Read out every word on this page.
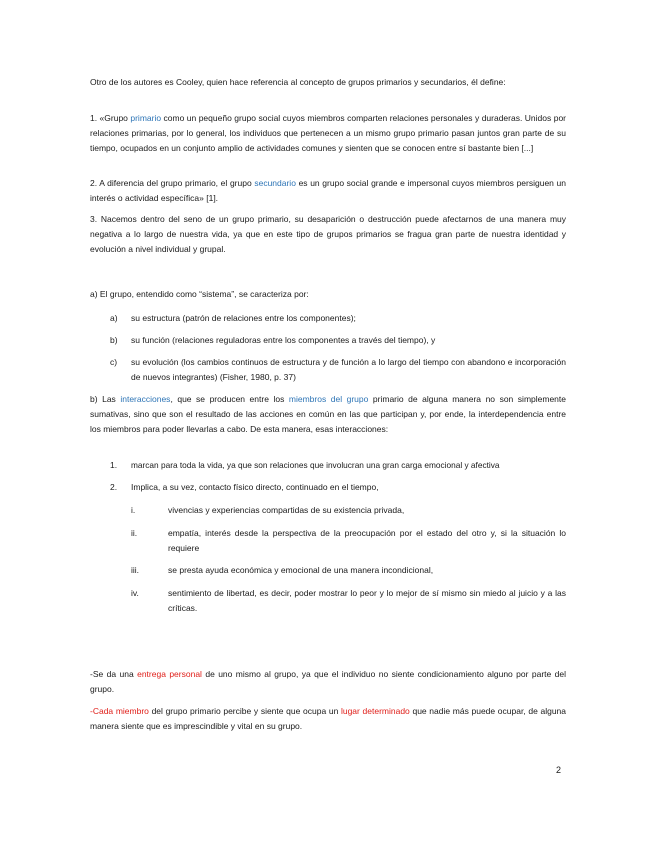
Otro de los autores es Cooley, quien hace referencia al concepto de grupos primarios y secundarios, él define:
1. «Grupo primario como un pequeño grupo social cuyos miembros comparten relaciones personales y duraderas. Unidos por relaciones primarias, por lo general, los individuos que pertenecen a un mismo grupo primario pasan juntos gran parte de su tiempo, ocupados en un conjunto amplio de actividades comunes y sienten que se conocen entre sí bastante bien [...]
2. A diferencia del grupo primario, el grupo secundario es un grupo social grande e impersonal cuyos miembros persiguen un interés o actividad específica» [1].
3. Nacemos dentro del seno de un grupo primario, su desaparición o destrucción puede afectarnos de una manera muy negativa a lo largo de nuestra vida, ya que en este tipo de grupos primarios se fragua gran parte de nuestra identidad y evolución a nivel individual y grupal.
a) El grupo, entendido como “sistema”, se caracteriza por:
a) su estructura (patrón de relaciones entre los componentes);
b) su función (relaciones reguladoras entre los componentes a través del tiempo), y
c) su evolución (los cambios continuos de estructura y de función a lo largo del tiempo con abandono e incorporación de nuevos integrantes) (Fisher, 1980, p. 37)
b) Las interacciones, que se producen entre los miembros del grupo primario de alguna manera no son simplemente sumativas, sino que son el resultado de las acciones en común en las que participan y, por ende, la interdependencia entre los miembros para poder llevarlas a cabo. De esta manera, esas interacciones:
1. marcan para toda la vida, ya que son relaciones que involucran una gran carga emocional y afectiva
2. Implica, a su vez, contacto físico directo, continuado en el tiempo,
i.	vivencias y experiencias compartidas de su existencia privada,
ii.	empatía, interés desde la perspectiva de la preocupación por el estado del otro y, si la situación lo requiere
iii.	se presta ayuda económica y emocional de una manera incondicional,
iv.	sentimiento de libertad, es decir, poder mostrar lo peor y lo mejor de sí mismo sin miedo al juicio y a las críticas.
-Se da una entrega personal de uno mismo al grupo, ya que el individuo no siente condicionamiento alguno por parte del grupo.
-Cada miembro del grupo primario percibe y siente que ocupa un lugar determinado que nadie más puede ocupar, de alguna manera siente que es imprescindible y vital en su grupo.
2
